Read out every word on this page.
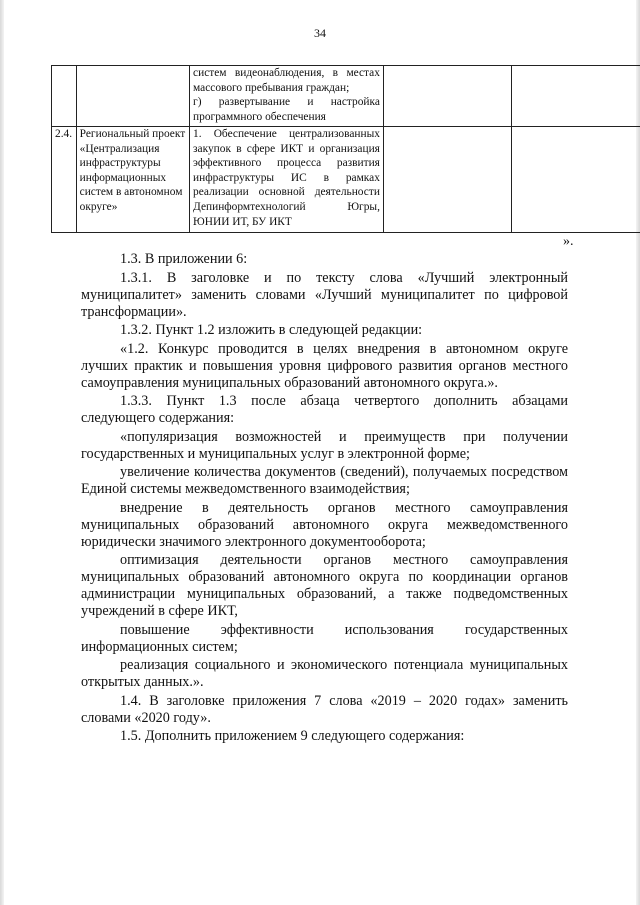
34

		систем видеонаблюдения, в местах
массового пребывания граждан;
г) развертывание и настройка
программного обеспечения		

2.4.	Региональный проект «Централизация инфраструктуры информационных систем в автономном округе»	1. Обеспечение централизованных закупок в сфере ИКТ и организация эффективного процесса развития инфраструктуры ИС в рамках реализации основной деятельности Депинформтехнологий Югры, ЮНИИ ИТ, БУ ИКТ		
».

1.3. В приложении 6:

1.3.1. В заголовке и по тексту слова «Лучший электронный муниципалитет» заменить словами «Лучший муниципалитет по цифровой трансформации».

1.3.2. Пункт 1.2 изложить в следующей редакции:

«1.2. Конкурс проводится в целях внедрения в автономном округе лучших практик и повышения уровня цифрового развития органов местного самоуправления муниципальных образований автономного округа.».

1.3.3. Пункт 1.3 после абзаца четвертого дополнить абзацами следующего содержания:

«популяризация возможностей и преимуществ при получении государственных и муниципальных услуг в электронной форме;

увеличение количества документов (сведений), получаемых посредством Единой системы межведомственного взаимодействия;

внедрение в деятельность органов местного самоуправления муниципальных образований автономного округа межведомственного юридически значимого электронного документооборота;

оптимизация деятельности органов местного самоуправления муниципальных образований автономного округа по координации органов администрации муниципальных образований, а также подведомственных учреждений в сфере ИКТ,

повышение эффективности использования государственных информационных систем;

реализация социального и экономического потенциала муниципальных открытых данных.».

1.4. В заголовке приложения 7 слова «2019 – 2020 годах» заменить словами «2020 году».

1.5. Дополнить приложением 9 следующего содержания:
